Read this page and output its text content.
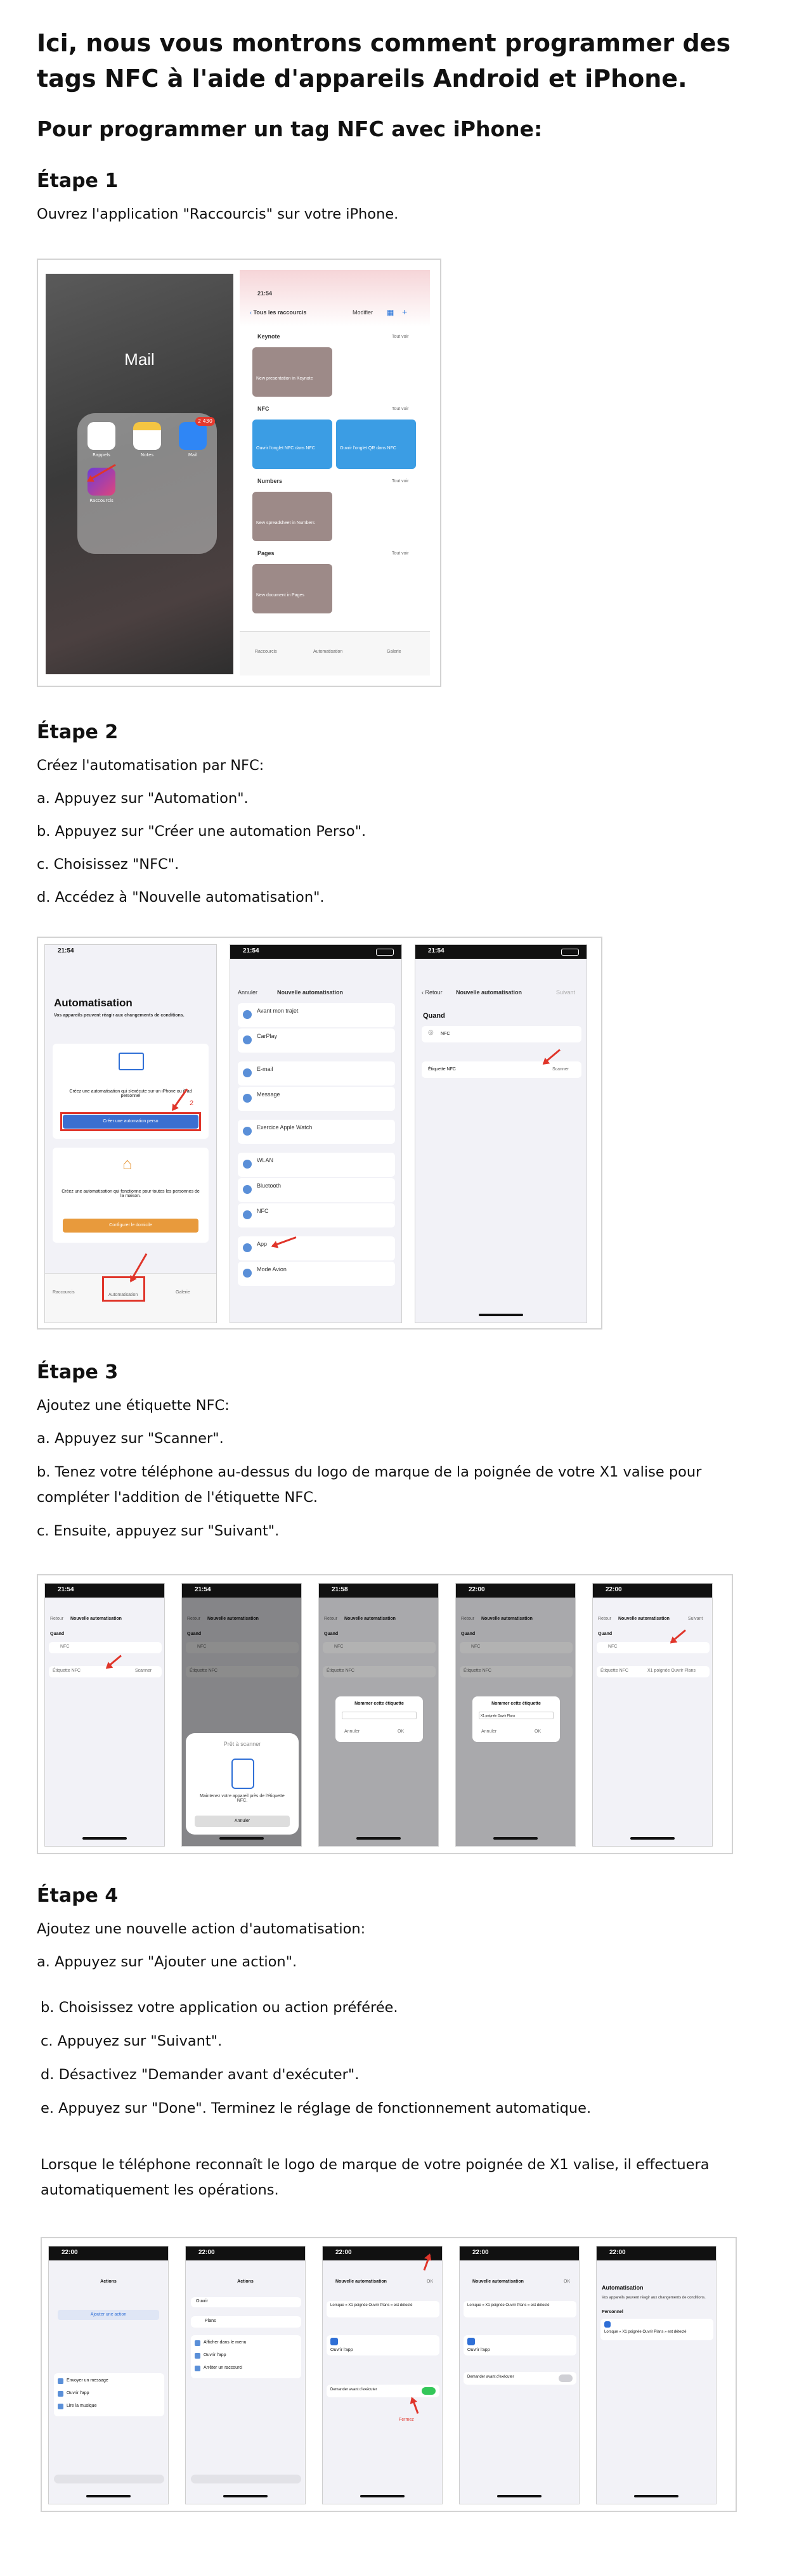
Ici, nous vous montrons comment programmer des tags NFC à l'aide d'appareils Android et iPhone.
Pour programmer un tag NFC avec iPhone:
Étape 1

Ouvrez l'application "Raccourcis" sur votre iPhone.

Mail
Rappels	Notes
2 430
Mail
Raccourcis
21:54
‹ Tous les raccourcis	Modifier ▦ +
Keynote	Tout voir
New presentation in Keynote
NFC	Tout voir
Ouvrir l'onglet NFC dans NFC	Ouvrir l'onglet QR dans NFC
Numbers	Tout voir
New spreadsheet in Numbers
Pages	Tout voir
New document in Pages
Raccourcis	Automatisation	Galerie
Étape 2

Créez l'automatisation par NFC:

a. Appuyez sur "Automation".

b. Appuyez sur "Créer une automation Perso".

c. Choisissez "NFC".

d. Accédez à "Nouvelle automatisation".

21:54
Automatisation
Vos appareils peuvent réagir aux changements de conditions.
Créez une automatisation qui s'exécute sur un iPhone ou iPad personnel
Créer une automation perso
2
⌂
Créez une automatisation qui fonctionne pour toutes les personnes de la maison.
Configurer le domicile
Raccourcis
Automatisation
Galerie
21:54
Annuler	Nouvelle automatisation
Avant mon trajet
CarPlay
E-mail
Message
Exercice Apple Watch
WLAN
Bluetooth
NFC
App
Mode Avion
21:54
‹ Retour Nouvelle automatisation	Suivant
Quand
◎ NFC
Étiquette NFC	Scanner
Étape 3

Ajoutez une étiquette NFC:

a. Appuyez sur "Scanner".

b. Tenez votre téléphone au-dessus du logo de marque de la poignée de votre X1 valise pour compléter l'addition de l'étiquette NFC.

c. Ensuite, appuyez sur "Suivant".

21:54
Retour Nouvelle automatisation
Quand
NFC
Étiquette NFC	Scanner
21:54
Retour Nouvelle automatisation
Quand
NFC
Étiquette NFC
Prêt à scanner
Maintenez votre appareil près de l'étiquette NFC.
Annuler
21:58
Retour Nouvelle automatisation
Quand
NFC
Étiquette NFC
Nommer cette étiquette
Annuler	OK
22:00
Retour Nouvelle automatisation
Quand
NFC
Étiquette NFC
Nommer cette étiquette
X1 poignée Ouvrir Plans
Annuler	OK
22:00
Retour Nouvelle automatisation
Quand
NFC
Étiquette NFC	X1 poignée Ouvrir Plans
Suivant
Étape 4

Ajoutez une nouvelle action d'automatisation:

a. Appuyez sur "Ajouter une action".

b. Choisissez votre application ou action préférée.

c. Appuyez sur "Suivant".

d. Désactivez "Demander avant d'exécuter".

e. Appuyez sur "Done". Terminez le réglage de fonctionnement automatique.

Lorsque le téléphone reconnaît le logo de marque de votre poignée de X1 valise, il effectuera automatiquement les opérations.

22:00
Actions
Ajouter une action
Envoyer un message
Ouvrir l'app
Lire la musique
22:00
Actions
Ouvrir
Plans
Afficher dans le menu
Ouvrir l'app
Arrêter un raccourci
22:00
Nouvelle automatisation	OK
Lorsque « X1 poignée Ouvrir Plans » est détecté
Ouvrir l'app
Demander avant d'exécuter
Fermez
22:00
Nouvelle automatisation	OK
Lorsque « X1 poignée Ouvrir Plans » est détecté
Ouvrir l'app
Demander avant d'exécuter
22:00
Automatisation
Vos appareils peuvent réagir aux changements de conditions.
Personnel
Lorsque « X1 poignée Ouvrir Plans » est détecté
